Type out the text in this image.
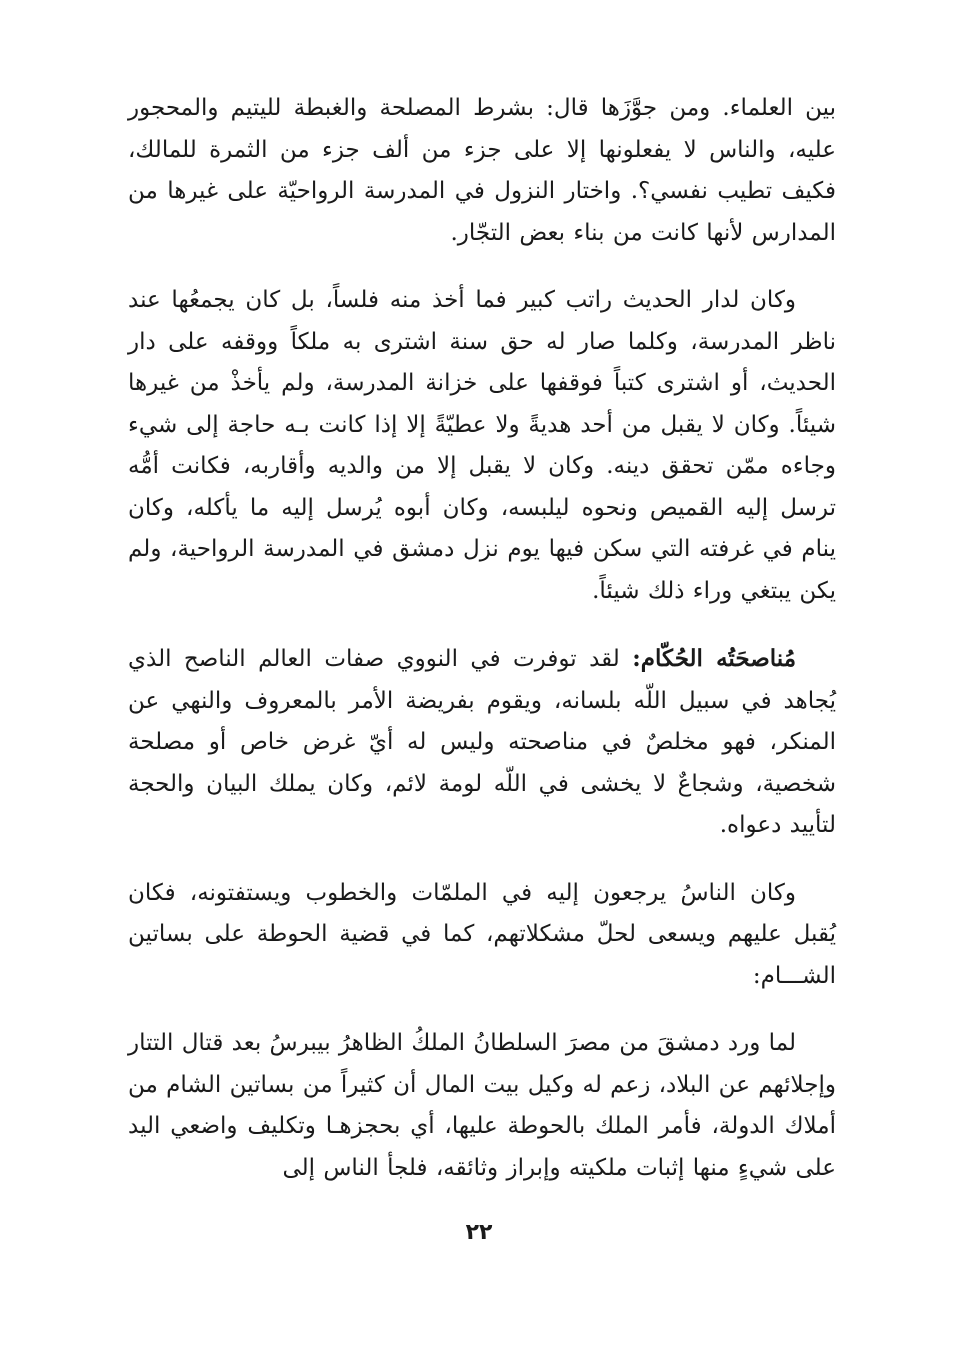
بين العلماء. ومن جوَّزَها قال: بشرط المصلحة والغبطة لليتيم والمحجور عليه، والناس لا يفعلونها إلا على جزء من ألف جزء من الثمرة للمالك، فكيف تطيب نفسي؟. واختار النزول في المدرسة الرواحيّة على غيرها من المدارس لأنها كانت من بناء بعض التجّار.

وكان لدار الحديث راتب كبير فما أخذ منه فلساً، بل كان يجمعُها عند ناظر المدرسة، وكلما صار له حق سنة اشترى به ملكاً ووقفه على دار الحديث، أو اشترى كتباً فوقفها على خزانة المدرسة، ولم يأخذْ من غيرها شيئاً. وكان لا يقبل من أحد هديةً ولا عطيّةً إلا إذا كانت بـه حاجة إلى شيء وجاءه ممّن تحقق دينه. وكان لا يقبل إلا من والديه وأقاربه، فكانت أمُّه ترسل إليه القميص ونحوه ليلبسه، وكان أبوه يُرسل إليه ما يأكله، وكان ينام في غرفته التي سكن فيها يوم نزل دمشق في المدرسة الرواحية، ولم يكن يبتغي وراء ذلك شيئاً.

مُناصحَتُه الحُكّام: لقد توفرت في النووي صفات العالم الناصح الذي يُجاهد في سبيل اللّه بلسانه، ويقوم بفريضة الأمر بالمعروف والنهي عن المنكر، فهو مخلصٌ في مناصحته وليس له أيّ غرض خاص أو مصلحة شخصية، وشجاعٌ لا يخشى في اللّه لومة لائم، وكان يملك البيان والحجة لتأييد دعواه.

وكان الناسُ يرجعون إليه في الملمّات والخطوب ويستفتونه، فكان يُقبل عليهم ويسعى لحلّ مشكلاتهم، كما في قضية الحوطة على بساتين الشـــام:

لما ورد دمشقَ من مصرَ السلطانُ الملكُ الظاهرُ بيبرسُ بعد قتال التتار وإجلائهم عن البلاد، زعم له وكيل بيت المال أن كثيراً من بساتين الشام من أملاك الدولة، فأمر الملك بالحوطة عليها، أي بحجزهـا وتكليف واضعي اليد على شيءٍ منها إثبات ملكيته وإبراز وثائقه، فلجأ الناس إلى

٢٢
